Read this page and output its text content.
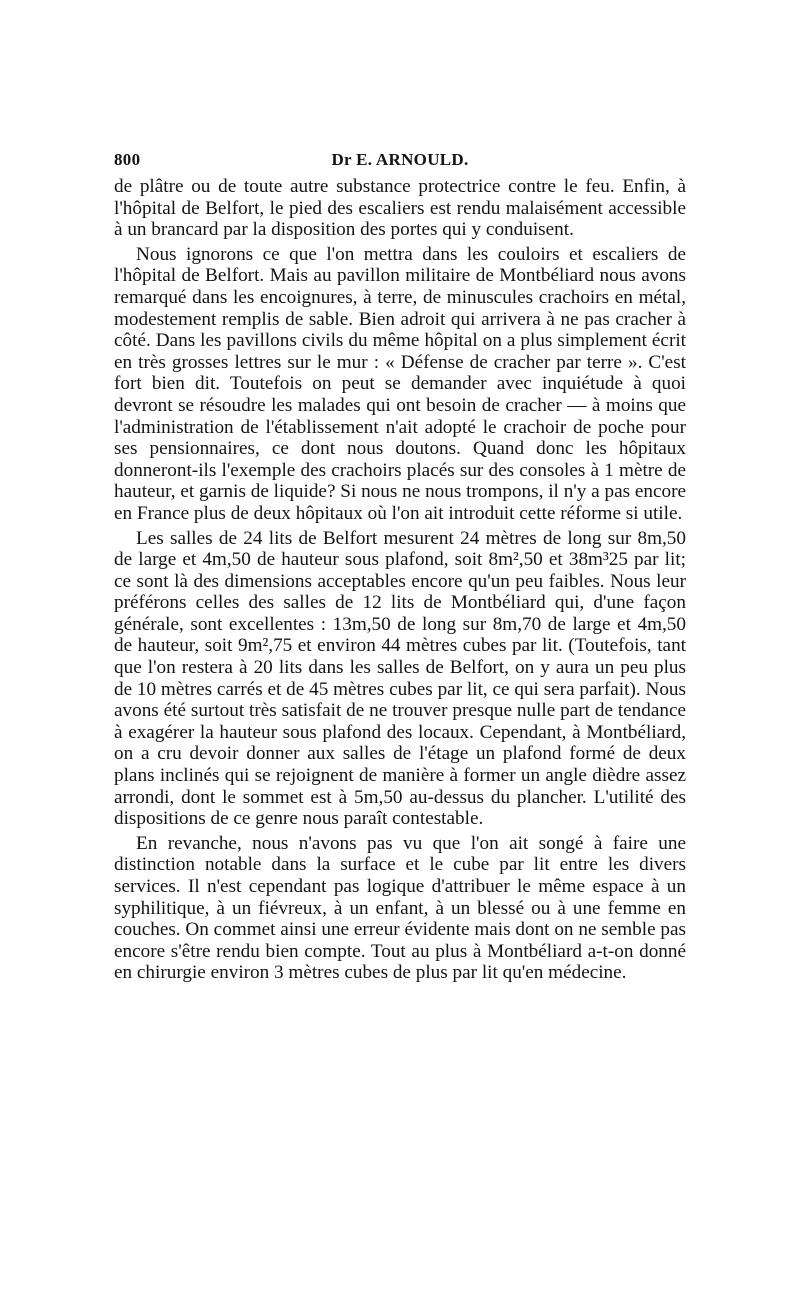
800	Dr E. ARNOULD.

de plâtre ou de toute autre substance protectrice contre le feu. Enfin, à l'hôpital de Belfort, le pied des escaliers est rendu malaisément accessible à un brancard par la disposition des portes qui y conduisent.

Nous ignorons ce que l'on mettra dans les couloirs et escaliers de l'hôpital de Belfort. Mais au pavillon militaire de Montbéliard nous avons remarqué dans les encoignures, à terre, de minuscules crachoirs en métal, modestement remplis de sable. Bien adroit qui arrivera à ne pas cracher à côté. Dans les pavillons civils du même hôpital on a plus simplement écrit en très grosses lettres sur le mur : « Défense de cracher par terre ». C'est fort bien dit. Toutefois on peut se demander avec inquiétude à quoi devront se résoudre les malades qui ont besoin de cracher — à moins que l'administration de l'établissement n'ait adopté le crachoir de poche pour ses pensionnaires, ce dont nous doutons. Quand donc les hôpitaux donneront-ils l'exemple des crachoirs placés sur des consoles à 1 mètre de hauteur, et garnis de liquide? Si nous ne nous trompons, il n'y a pas encore en France plus de deux hôpitaux où l'on ait introduit cette réforme si utile.

Les salles de 24 lits de Belfort mesurent 24 mètres de long sur 8m,50 de large et 4m,50 de hauteur sous plafond, soit 8m²,50 et 38m³25 par lit; ce sont là des dimensions acceptables encore qu'un peu faibles. Nous leur préférons celles des salles de 12 lits de Montbéliard qui, d'une façon générale, sont excellentes : 13m,50 de long sur 8m,70 de large et 4m,50 de hauteur, soit 9m²,75 et environ 44 mètres cubes par lit. (Toutefois, tant que l'on restera à 20 lits dans les salles de Belfort, on y aura un peu plus de 10 mètres carrés et de 45 mètres cubes par lit, ce qui sera parfait). Nous avons été surtout très satisfait de ne trouver presque nulle part de tendance à exagérer la hauteur sous plafond des locaux. Cependant, à Montbéliard, on a cru devoir donner aux salles de l'étage un plafond formé de deux plans inclinés qui se rejoignent de manière à former un angle dièdre assez arrondi, dont le sommet est à 5m,50 au-dessus du plancher. L'utilité des dispositions de ce genre nous paraît contestable.

En revanche, nous n'avons pas vu que l'on ait songé à faire une distinction notable dans la surface et le cube par lit entre les divers services. Il n'est cependant pas logique d'attribuer le même espace à un syphilitique, à un fiévreux, à un enfant, à un blessé ou à une femme en couches. On commet ainsi une erreur évidente mais dont on ne semble pas encore s'être rendu bien compte. Tout au plus à Montbéliard a-t-on donné en chirurgie environ 3 mètres cubes de plus par lit qu'en médecine.
